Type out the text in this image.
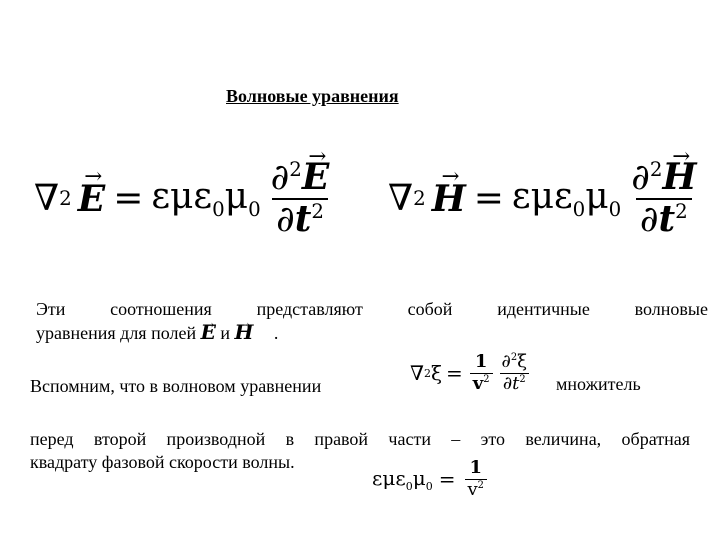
Волновые уравнения
∇ 2
→ $E = \varepsilon\mu\varepsilon_0\mu_0 \frac{\partial^2\to E}{\partial t^2}$ ∇ 2
→ $H = \varepsilon\mu\varepsilon_0\mu_0 \frac{\partial^2\to H}{\partial t^2}$
Эти соотношения представляют собой идентичные волновые
уравнения для полей → E и → H .
Вспомним, что в волновом уравнении
∇ 2 $\xi = \frac{1}{v^2} \frac{\partial^2\xi}{\partial t^2}$ множитель
перед второй производной в правой части – это величина, обратная
квадрату фазовой скорости волны.
$\varepsilon\mu\varepsilon_0\mu_0 = \frac{1}{v^2}$
